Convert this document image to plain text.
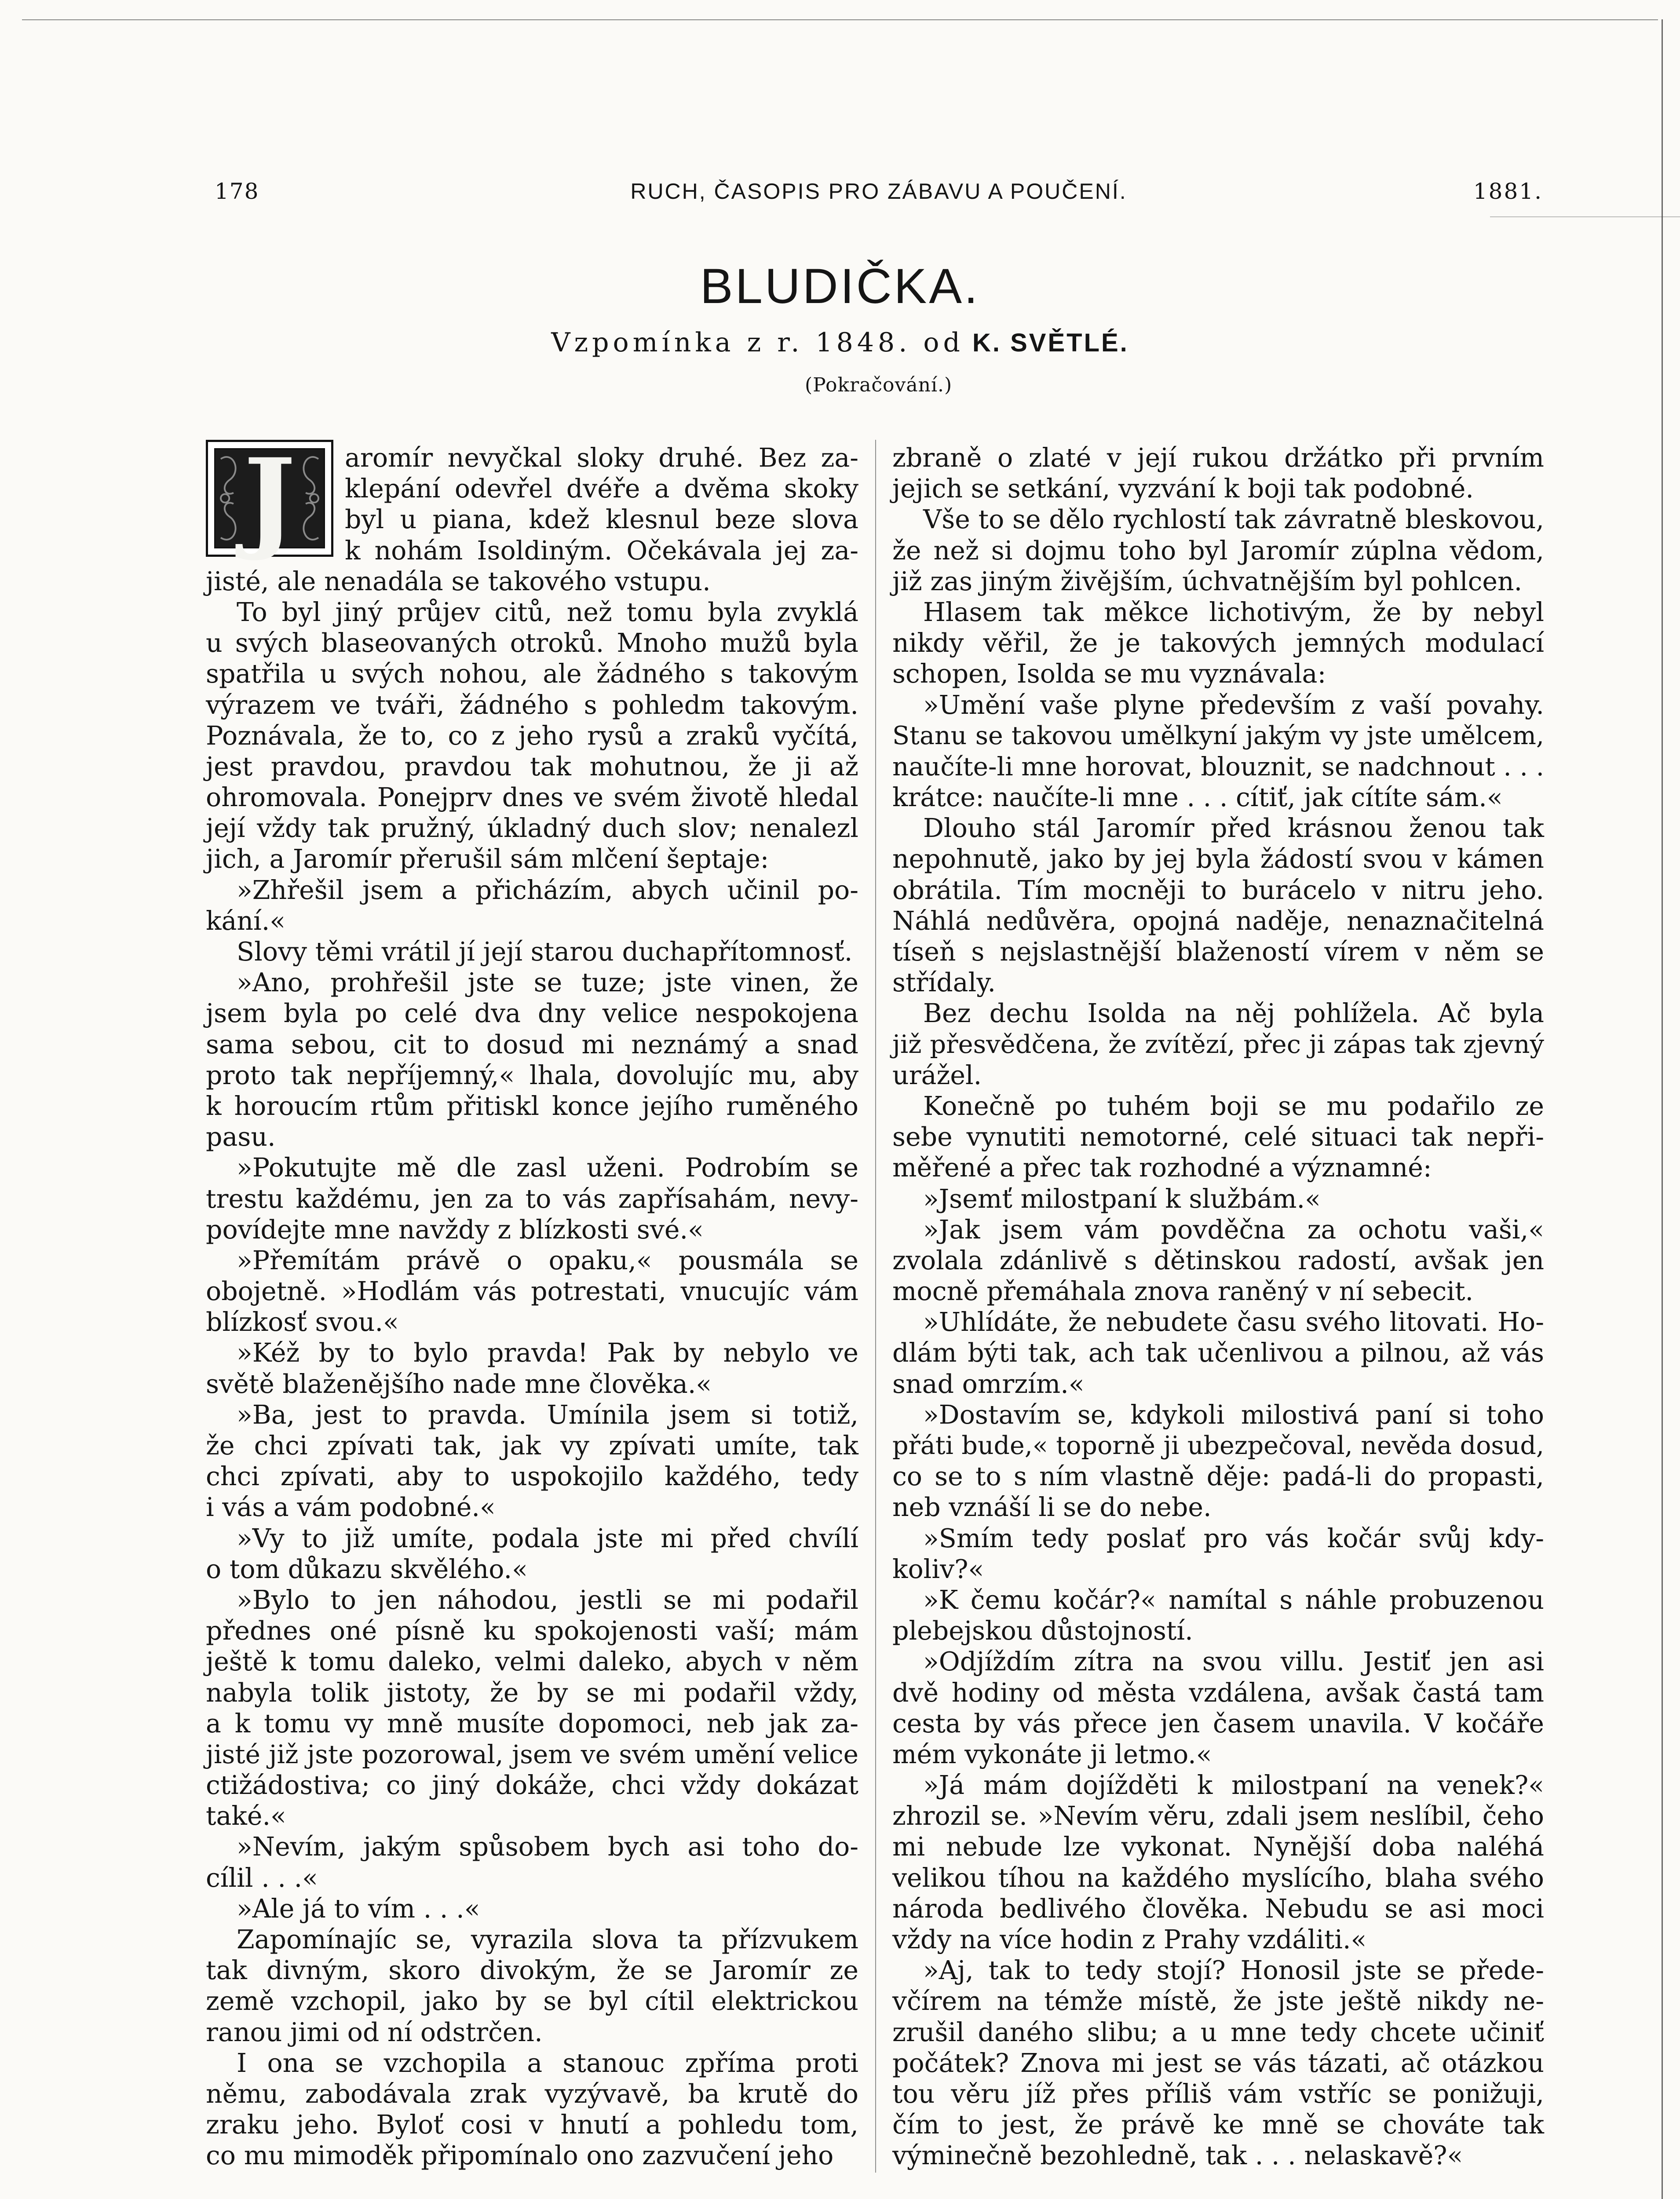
178	RUCH, ČASOPIS PRO ZÁBAVU A POUČENÍ.	1881.
BLUDIČKA.
Vzpomínka z r. 1848. od K. SVĚTLÉ.
(Pokračování.)
J	aromír nevyčkal sloky druhé. Bez za-
klepání odevřel dvéře a dvěma skoky
byl u piana, kdež klesnul beze slova
k nohám Isoldiným. Očekávala jej za-
jisté, ale nenadála se takového vstupu.
To byl jiný průjev citů, než tomu byla zvyklá
u svých blaseovaných otroků. Mnoho mužů byla
spatřila u svých nohou, ale žádného s takovým
výrazem ve tváři, žádného s pohledm takovým.
Poznávala, že to, co z jeho rysů a zraků vyčítá,
jest pravdou, pravdou tak mohutnou, že ji až
ohromovala. Ponejprv dnes ve svém životě hledal
její vždy tak pružný, úkladný duch slov; nenalezl
jich, a Jaromír přerušil sám mlčení šeptaje:
»Zhřešil jsem a přicházím, abych učinil po-
kání.«
Slovy těmi vrátil jí její starou duchapřítomnosť.
»Ano, prohřešil jste se tuze; jste vinen, že
jsem byla po celé dva dny velice nespokojena
sama sebou, cit to dosud mi neznámý a snad
proto tak nepříjemný,« lhala, dovolujíc mu, aby
k horoucím rtům přitiskl konce jejího ruměného
pasu.
»Pokutujte mě dle zasl uženi. Podrobím se
trestu každému, jen za to vás zapřísahám, nevy-
povídejte mne navždy z blízkosti své.«
»Přemítám právě o opaku,« pousmála se
obojetně. »Hodlám vás potrestati, vnucujíc vám
blízkosť svou.«
»Kéž by to bylo pravda! Pak by nebylo ve
světě blaženějšího nade mne člověka.«
»Ba, jest to pravda. Umínila jsem si totiž,
že chci zpívati tak, jak vy zpívati umíte, tak
chci zpívati, aby to uspokojilo každého, tedy
i vás a vám podobné.«
»Vy to již umíte, podala jste mi před chvílí
o tom důkazu skvělého.«
»Bylo to jen náhodou, jestli se mi podařil
přednes oné písně ku spokojenosti vaší; mám
ještě k tomu daleko, velmi daleko, abych v něm
nabyla tolik jistoty, že by se mi podařil vždy,
a k tomu vy mně musíte dopomoci, neb jak za-
jisté již jste pozorowal, jsem ve svém umění velice
ctižádostiva; co jiný dokáže, chci vždy dokázat
také.«
»Nevím, jakým spůsobem bych asi toho do-
cílil . . .«
»Ale já to vím . . .«
Zapomínajíc se, vyrazila slova ta přízvukem
tak divným, skoro divokým, že se Jaromír ze
země vzchopil, jako by se byl cítil elektrickou
ranou jimi od ní odstrčen.
I ona se vzchopila a stanouc zpříma proti
němu, zabodávala zrak vyzývavě, ba krutě do
zraku jeho. Byloť cosi v hnutí a pohledu tom,
co mu mimoděk připomínalo ono zazvučení jeho
zbraně o zlaté v její rukou držátko při prvním
jejich se setkání, vyzvání k boji tak podobné.
Vše to se dělo rychlostí tak závratně bleskovou,
že než si dojmu toho byl Jaromír zúplna vědom,
již zas jiným živějším, úchvatnějším byl pohlcen.
Hlasem tak měkce lichotivým, že by nebyl
nikdy věřil, že je takových jemných modulací
schopen, Isolda se mu vyznávala:
»Umění vaše plyne především z vaší povahy.
Stanu se takovou umělkyní jakým vy jste umělcem,
naučíte-li mne horovat, blouznit, se nadchnout . . .
krátce: naučíte-li mne . . . cítiť, jak cítíte sám.«
Dlouho stál Jaromír před krásnou ženou tak
nepohnutě, jako by jej byla žádostí svou v kámen
obrátila. Tím mocněji to burácelo v nitru jeho.
Náhlá nedůvěra, opojná naděje, nenaznačitelná
tíseň s nejslastnější blažeností vírem v něm se
střídaly.
Bez dechu Isolda na něj pohlížela. Ač byla
již přesvědčena, že zvítězí, přec ji zápas tak zjevný
urážel.
Konečně po tuhém boji se mu podařilo ze
sebe vynutiti nemotorné, celé situaci tak nepři-
měřené a přec tak rozhodné a významné:
»Jsemť milostpaní k službám.«
»Jak jsem vám povděčna za ochotu vaši,«
zvolala zdánlivě s dětinskou radostí, avšak jen
mocně přemáhala znova raněný v ní sebecit.
»Uhlídáte, že nebudete času svého litovati. Ho-
dlám býti tak, ach tak učenlivou a pilnou, až vás
snad omrzím.«
»Dostavím se, kdykoli milostivá paní si toho
přáti bude,« toporně ji ubezpečoval, nevěda dosud,
co se to s ním vlastně děje: padá-li do propasti,
neb vznáší li se do nebe.
»Smím tedy poslať pro vás kočár svůj kdy-
koliv?«
»K čemu kočár?« namítal s náhle probuzenou
plebejskou důstojností.
»Odjíždím zítra na svou villu. Jestiť jen asi
dvě hodiny od města vzdálena, avšak častá tam
cesta by vás přece jen časem unavila. V kočáře
mém vykonáte ji letmo.«
»Já mám dojížděti k milostpaní na venek?«
zhrozil se. »Nevím věru, zdali jsem neslíbil, čeho
mi nebude lze vykonat. Nynější doba naléhá
velikou tíhou na každého myslícího, blaha svého
národa bedlivého člověka. Nebudu se asi moci
vždy na více hodin z Prahy vzdáliti.«
»Aj, tak to tedy stojí? Honosil jste se přede-
včírem na témže místě, že jste ještě nikdy ne-
zrušil daného slibu; a u mne tedy chcete učiniť
počátek? Znova mi jest se vás tázati, ač otázkou
tou věru jíž přes příliš vám vstříc se ponižuji,
čím to jest, že právě ke mně se chováte tak
výminečně bezohledně, tak . . . nelaskavě?«
